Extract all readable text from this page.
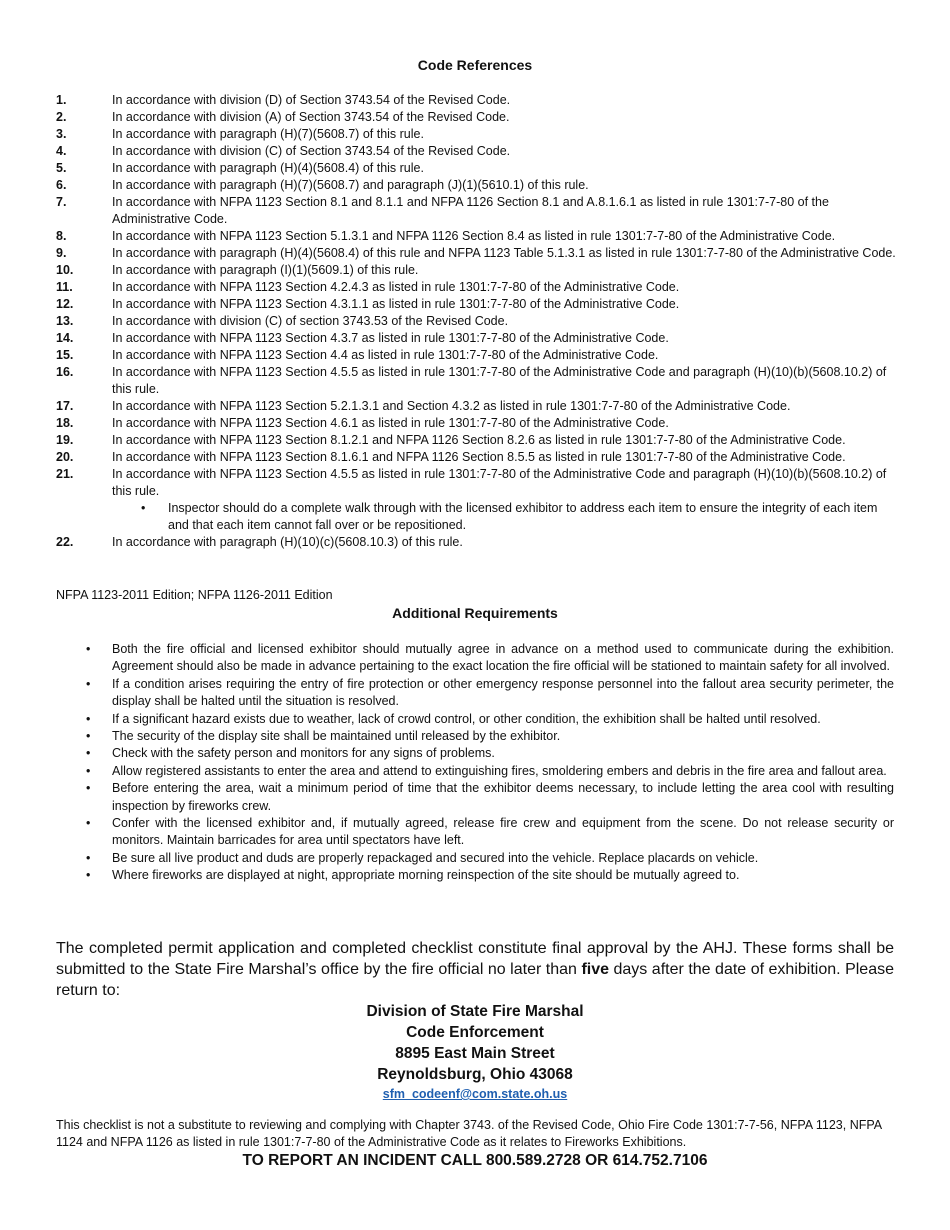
Code References
1.	In accordance with division (D) of Section 3743.54 of the Revised Code.
2.	In accordance with division (A) of Section 3743.54 of the Revised Code.
3.	In accordance with paragraph (H)(7)(5608.7) of this rule.
4.	In accordance with division (C) of Section 3743.54 of the Revised Code.
5.	In accordance with paragraph (H)(4)(5608.4) of this rule.
6.	In accordance with paragraph (H)(7)(5608.7) and paragraph (J)(1)(5610.1) of this rule.
7.	In accordance with NFPA 1123 Section 8.1 and 8.1.1 and NFPA 1126 Section 8.1 and A.8.1.6.1 as listed in rule 1301:7-7-80 of the Administrative Code.
8.	In accordance with NFPA 1123 Section 5.1.3.1 and NFPA 1126 Section 8.4 as listed in rule 1301:7-7-80 of the Administrative Code.
9.	In accordance with paragraph (H)(4)(5608.4) of this rule and NFPA 1123 Table 5.1.3.1 as listed in rule 1301:7-7-80 of the Administrative Code.
10.	In accordance with paragraph (I)(1)(5609.1) of this rule.
11.	In accordance with NFPA 1123 Section 4.2.4.3 as listed in rule 1301:7-7-80 of the Administrative Code.
12.	In accordance with NFPA 1123 Section 4.3.1.1 as listed in rule 1301:7-7-80 of the Administrative Code.
13.	In accordance with division (C) of section 3743.53 of the Revised Code.
14.	In accordance with NFPA 1123 Section 4.3.7 as listed in rule 1301:7-7-80 of the Administrative Code.
15.	In accordance with NFPA 1123 Section 4.4 as listed in rule 1301:7-7-80 of the Administrative Code.
16.	In accordance with NFPA 1123 Section 4.5.5 as listed in rule 1301:7-7-80 of the Administrative Code and paragraph (H)(10)(b)(5608.10.2) of this rule.
17.	In accordance with NFPA 1123 Section 5.2.1.3.1 and Section 4.3.2 as listed in rule 1301:7-7-80 of the Administrative Code.
18.	In accordance with NFPA 1123 Section 4.6.1 as listed in rule 1301:7-7-80 of the Administrative Code.
19.	In accordance with NFPA 1123 Section 8.1.2.1 and NFPA 1126 Section 8.2.6 as listed in rule 1301:7-7-80 of the Administrative Code.
20.	In accordance with NFPA 1123 Section 8.1.6.1 and NFPA 1126 Section 8.5.5 as listed in rule 1301:7-7-80 of the Administrative Code.
21.	In accordance with NFPA 1123 Section 4.5.5 as listed in rule 1301:7-7-80 of the Administrative Code and paragraph (H)(10)(b)(5608.10.2) of this rule.
•	Inspector should do a complete walk through with the licensed exhibitor to address each item to ensure the integrity of each item and that each item cannot fall over or be repositioned.
22.	In accordance with paragraph (H)(10)(c)(5608.10.3) of this rule.
NFPA 1123-2011 Edition; NFPA 1126-2011 Edition
Additional Requirements
•	Both the fire official and licensed exhibitor should mutually agree in advance on a method used to communicate during the exhibition. Agreement should also be made in advance pertaining to the exact location the fire official will be stationed to maintain safety for all involved.
•	If a condition arises requiring the entry of fire protection or other emergency response personnel into the fallout area security perimeter, the display shall be halted until the situation is resolved.
•	If a significant hazard exists due to weather, lack of crowd control, or other condition, the exhibition shall be halted until resolved.
•	The security of the display site shall be maintained until released by the exhibitor.
•	Check with the safety person and monitors for any signs of problems.
•	Allow registered assistants to enter the area and attend to extinguishing fires, smoldering embers and debris in the fire area and fallout area.
•	Before entering the area, wait a minimum period of time that the exhibitor deems necessary, to include letting the area cool with resulting inspection by fireworks crew.
•	Confer with the licensed exhibitor and, if mutually agreed, release fire crew and equipment from the scene. Do not release security or monitors. Maintain barricades for area until spectators have left.
•	Be sure all live product and duds are properly repackaged and secured into the vehicle. Replace placards on vehicle.
•	Where fireworks are displayed at night, appropriate morning reinspection of the site should be mutually agreed to.
The completed permit application and completed checklist constitute final approval by the AHJ. These forms shall be submitted to the State Fire Marshal’s office by the fire official no later than five days after the date of exhibition. Please return to:
Division of State Fire Marshal
Code Enforcement
8895 East Main Street
Reynoldsburg, Ohio 43068
sfm_codeenf@com.state.oh.us
This checklist is not a substitute to reviewing and complying with Chapter 3743. of the Revised Code, Ohio Fire Code 1301:7-7-56, NFPA 1123, NFPA 1124 and NFPA 1126 as listed in rule 1301:7-7-80 of the Administrative Code as it relates to Fireworks Exhibitions.
TO REPORT AN INCIDENT CALL 800.589.2728 OR 614.752.7106
